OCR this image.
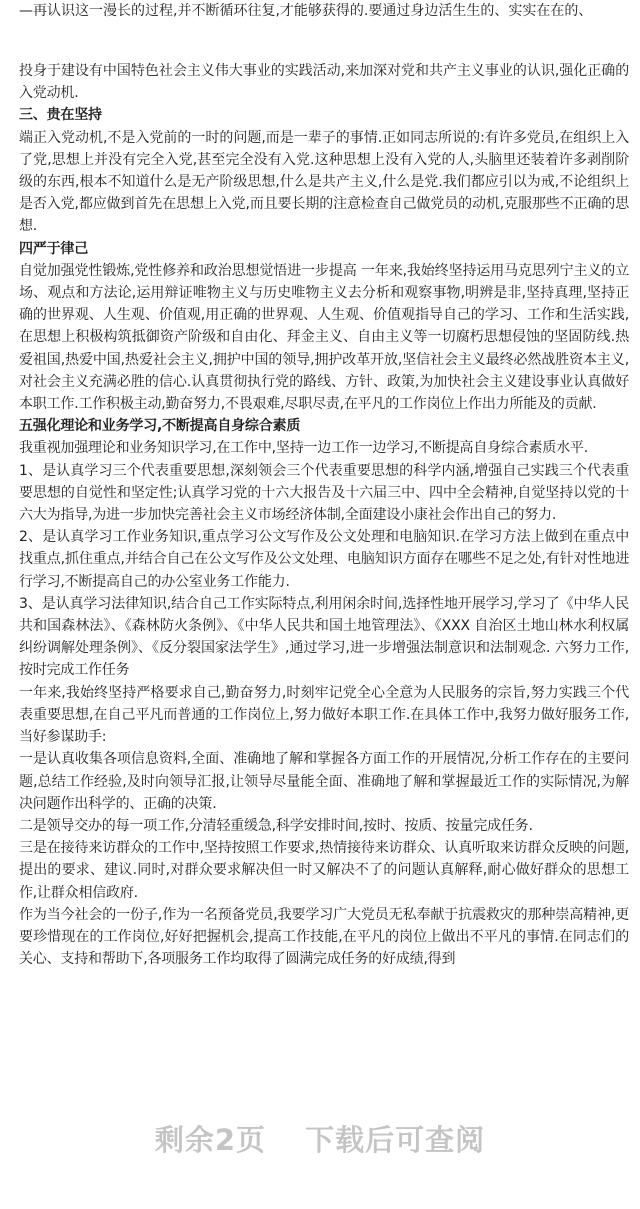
—再认识这一漫长的过程,并不断循环往复,才能够获得的.要通过身边活生生的、实实在在的、

投身于建设有中国特色社会主义伟大事业的实践活动,来加深对党和共产主义事业的认识,强化正确的入党动机.

三、贵在坚持

端正入党动机,不是入党前的一时的问题,而是一辈子的事情.正如同志所说的:有许多党员,在组织上入了党,思想上并没有完全入党,甚至完全没有入党.这种思想上没有入党的人,头脑里还装着许多剥削阶级的东西,根本不知道什么是无产阶级思想,什么是共产主义,什么是党.我们都应引以为戒,不论组织上是否入党,都应做到首先在思想上入党,而且要长期的注意检查自己做党员的动机,克服那些不正确的思想.

四严于律己

自觉加强党性锻炼,党性修养和政治思想觉悟进一步提高 一年来,我始终坚持运用马克思列宁主义的立场、观点和方法论,运用辩证唯物主义与历史唯物主义去分析和观察事物,明辨是非,坚持真理,坚持正确的世界观、人生观、价值观,用正确的世界观、人生观、价值观指导自己的学习、工作和生活实践,在思想上积极构筑抵御资产阶级和自由化、拜金主义、自由主义等一切腐朽思想侵蚀的坚固防线.热爱祖国,热爱中国,热爱社会主义,拥护中国的领导,拥护改革开放,坚信社会主义最终必然战胜资本主义,对社会主义充满必胜的信心.认真贯彻执行党的路线、方针、政策,为加快社会主义建设事业认真做好本职工作.工作积极主动,勤奋努力,不畏艰难,尽职尽责,在平凡的工作岗位上作出力所能及的贡献.

五强化理论和业务学习,不断提高自身综合素质

我重视加强理论和业务知识学习,在工作中,坚持一边工作一边学习,不断提高自身综合素质水平.

1、是认真学习三个代表重要思想,深刻领会三个代表重要思想的科学内涵,增强自己实践三个代表重要思想的自觉性和坚定性;认真学习党的十六大报告及十六届三中、四中全会精神,自觉坚持以党的十六大为指导,为进一步加快完善社会主义市场经济体制,全面建设小康社会作出自己的努力.

2、是认真学习工作业务知识,重点学习公文写作及公文处理和电脑知识.在学习方法上做到在重点中找重点,抓住重点,并结合自己在公文写作及公文处理、电脑知识方面存在哪些不足之处,有针对性地进行学习,不断提高自己的办公室业务工作能力.

3、是认真学习法律知识,结合自己工作实际特点,利用闲余时间,选择性地开展学习,学习了《中华人民共和国森林法》、《森林防火条例》、《中华人民共和国土地管理法》、《XXX 自治区土地山林水利权属纠纷调解处理条例》、《反分裂国家法学生》,通过学习,进一步增强法制意识和法制观念. 六努力工作,按时完成工作任务

一年来,我始终坚持严格要求自己,勤奋努力,时刻牢记党全心全意为人民服务的宗旨,努力实践三个代表重要思想,在自己平凡而普通的工作岗位上,努力做好本职工作.在具体工作中,我努力做好服务工作,当好参谋助手:

一是认真收集各项信息资料,全面、准确地了解和掌握各方面工作的开展情况,分析工作存在的主要问题,总结工作经验,及时向领导汇报,让领导尽量能全面、准确地了解和掌握最近工作的实际情况,为解决问题作出科学的、正确的决策.

二是领导交办的每一项工作,分清轻重缓急,科学安排时间,按时、按质、按量完成任务.

三是在接待来访群众的工作中,坚持按照工作要求,热情接待来访群众、认真听取来访群众反映的问题,提出的要求、建议.同时,对群众要求解决但一时又解决不了的问题认真解释,耐心做好群众的思想工作,让群众相信政府.

作为当今社会的一份子,作为一名预备党员,我要学习广大党员无私奉献于抗震救灾的那种崇高精神,更要珍惜现在的工作岗位,好好把握机会,提高工作技能,在平凡的岗位上做出不平凡的事情.在同志们的关心、支持和帮助下,各项服务工作均取得了圆满完成任务的好成绩,得到

剩余2页 下载后可查阅
